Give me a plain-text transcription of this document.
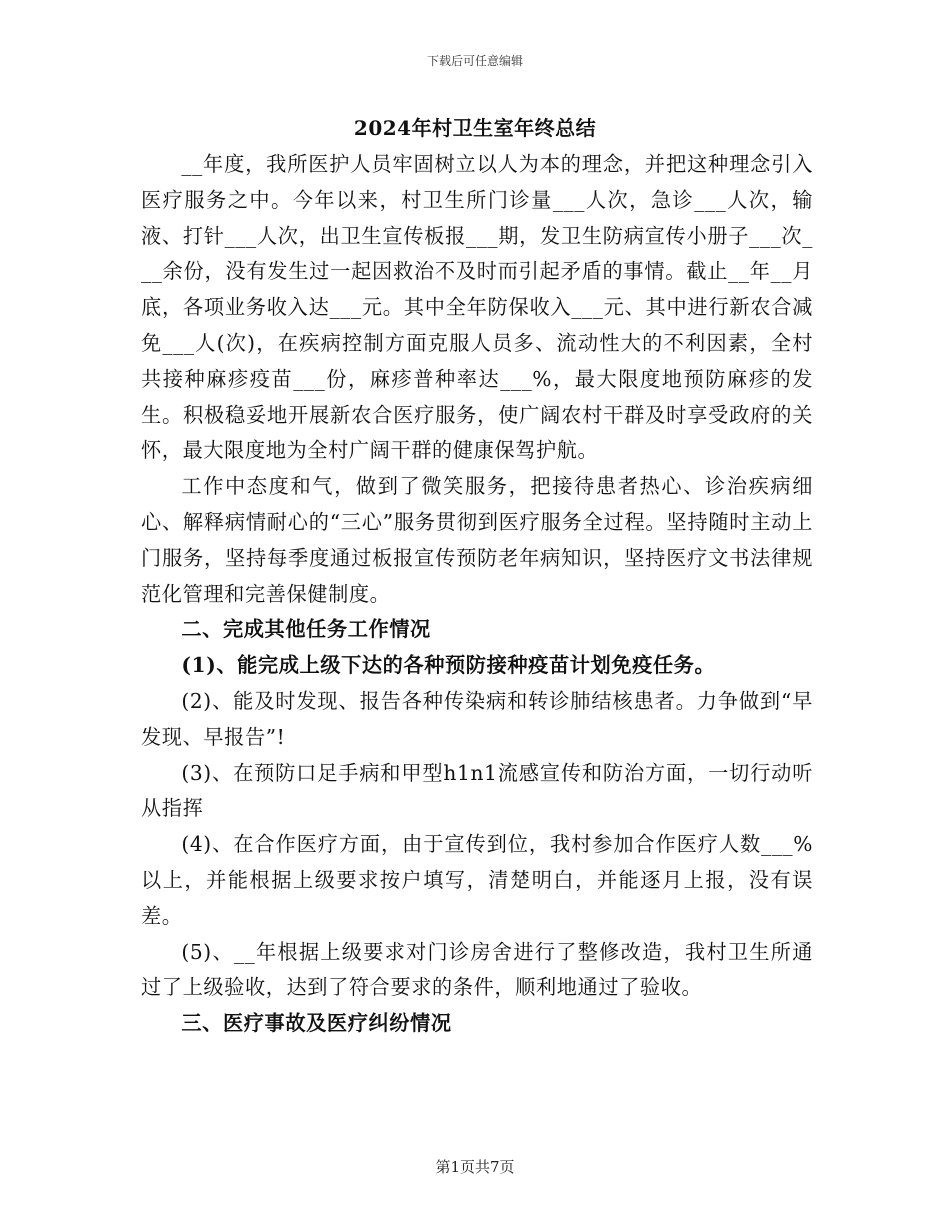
下载后可任意编辑
2024年村卫生室年终总结

__年度，我所医护人员牢固树立以人为本的理念，并把这种理念引入医疗服务之中。今年以来，村卫生所门诊量___人次，急诊___人次，输液、打针___人次，出卫生宣传板报___期，发卫生防病宣传小册子___次___余份，没有发生过一起因救治不及时而引起矛盾的事情。截止__年__月底，各项业务收入达___元。其中全年防保收入___元、其中进行新农合减免___人(次)，在疾病控制方面克服人员多、流动性大的不利因素，全村共接种麻疹疫苗___份，麻疹普种率达___%，最大限度地预防麻疹的发生。积极稳妥地开展新农合医疗服务，使广阔农村干群及时享受政府的关怀，最大限度地为全村广阔干群的健康保驾护航。

工作中态度和气，做到了微笑服务，把接待患者热心、诊治疾病细心、解释病情耐心的“三心”服务贯彻到医疗服务全过程。坚持随时主动上门服务，坚持每季度通过板报宣传预防老年病知识，坚持医疗文书法律规范化管理和完善保健制度。

二、完成其他任务工作情况

(1)、能完成上级下达的各种预防接种疫苗计划免疫任务。

(2)、能及时发现、报告各种传染病和转诊肺结核患者。力争做到“早发现、早报告”!

(3)、在预防口足手病和甲型h1n1流感宣传和防治方面，一切行动听从指挥

(4)、在合作医疗方面，由于宣传到位，我村参加合作医疗人数___%以上，并能根据上级要求按户填写，清楚明白，并能逐月上报，没有误差。

(5)、__年根据上级要求对门诊房舍进行了整修改造，我村卫生所通过了上级验收，达到了符合要求的条件，顺利地通过了验收。

三、医疗事故及医疗纠纷情况

第1页共7页
